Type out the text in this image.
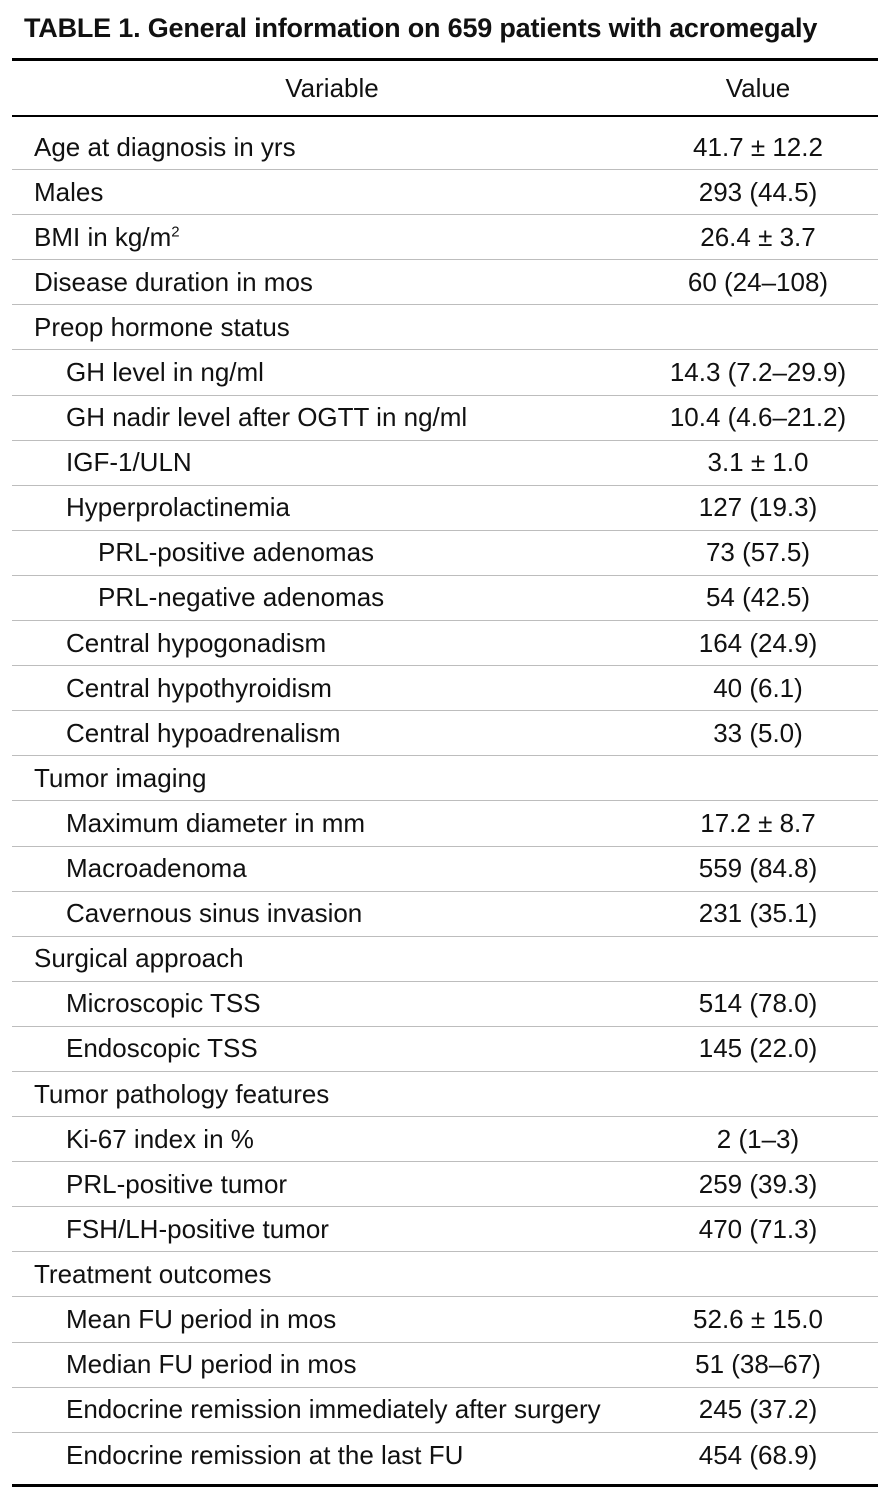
TABLE 1. General information on 659 patients with acromegaly
Variable	Value
Age at diagnosis in yrs	41.7 ± 12.2
Males	293 (44.5)
BMI in $kg/m^2$	26.4 ± 3.7
Disease duration in mos	60 (24–108)
Preop hormone status
GH level in ng/ml	14.3 (7.2–29.9)
GH nadir level after OGTT in ng/ml	10.4 (4.6–21.2)
IGF-1/ULN	3.1 ± 1.0
Hyperprolactinemia	127 (19.3)
PRL-positive adenomas	73 (57.5)
PRL-negative adenomas	54 (42.5)
Central hypogonadism	164 (24.9)
Central hypothyroidism	40 (6.1)
Central hypoadrenalism	33 (5.0)
Tumor imaging
Maximum diameter in mm	17.2 ± 8.7
Macroadenoma	559 (84.8)
Cavernous sinus invasion	231 (35.1)
Surgical approach
Microscopic TSS	514 (78.0)
Endoscopic TSS	145 (22.0)
Tumor pathology features
Ki-67 index in %	2 (1–3)
PRL-positive tumor	259 (39.3)
FSH/LH-positive tumor	470 (71.3)
Treatment outcomes
Mean FU period in mos	52.6 ± 15.0
Median FU period in mos	51 (38–67)
Endocrine remission immediately after surgery	245 (37.2)
Endocrine remission at the last FU	454 (68.9)
